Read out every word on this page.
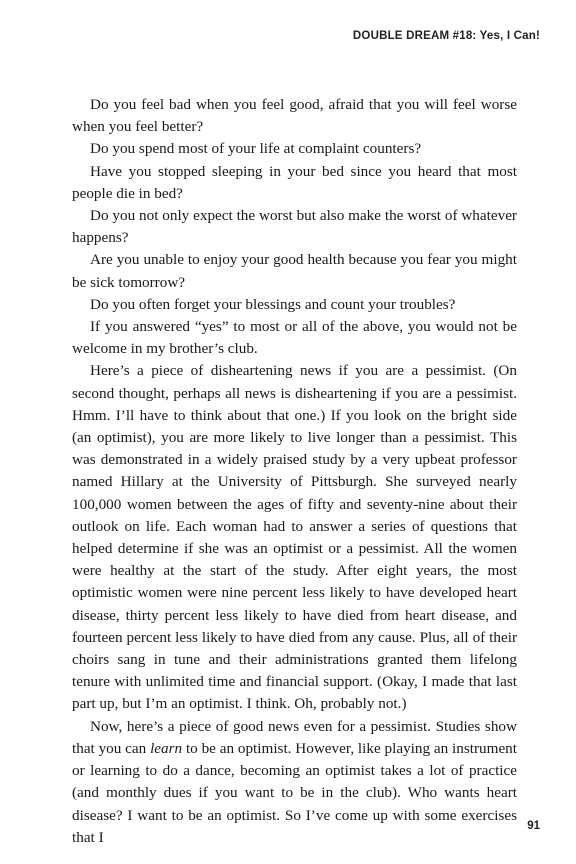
DOUBLE DREAM #18: Yes, I Can!

Do you feel bad when you feel good, afraid that you will feel worse when you feel better?

Do you spend most of your life at complaint counters?

Have you stopped sleeping in your bed since you heard that most people die in bed?

Do you not only expect the worst but also make the worst of whatever happens?

Are you unable to enjoy your good health because you fear you might be sick tomorrow?

Do you often forget your blessings and count your troubles?

If you answered “yes” to most or all of the above, you would not be welcome in my brother’s club.

Here’s a piece of disheartening news if you are a pessimist. (On second thought, perhaps all news is disheartening if you are a pessimist. Hmm. I’ll have to think about that one.) If you look on the bright side (an optimist), you are more likely to live longer than a pessimist. This was demonstrated in a widely praised study by a very upbeat professor named Hillary at the University of Pittsburgh. She surveyed nearly 100,000 women between the ages of fifty and seventy-nine about their outlook on life. Each woman had to answer a series of questions that helped determine if she was an optimist or a pessimist. All the women were healthy at the start of the study. After eight years, the most optimistic women were nine percent less likely to have developed heart disease, thirty percent less likely to have died from heart disease, and fourteen percent less likely to have died from any cause. Plus, all of their choirs sang in tune and their administrations granted them lifelong tenure with unlimited time and financial support. (Okay, I made that last part up, but I’m an optimist. I think. Oh, probably not.)

Now, here’s a piece of good news even for a pessimist. Studies show that you can learn to be an optimist. However, like playing an instrument or learning to do a dance, becoming an optimist takes a lot of practice (and monthly dues if you want to be in the club). Who wants heart disease? I want to be an optimist. So I’ve come up with some exercises that I

91
